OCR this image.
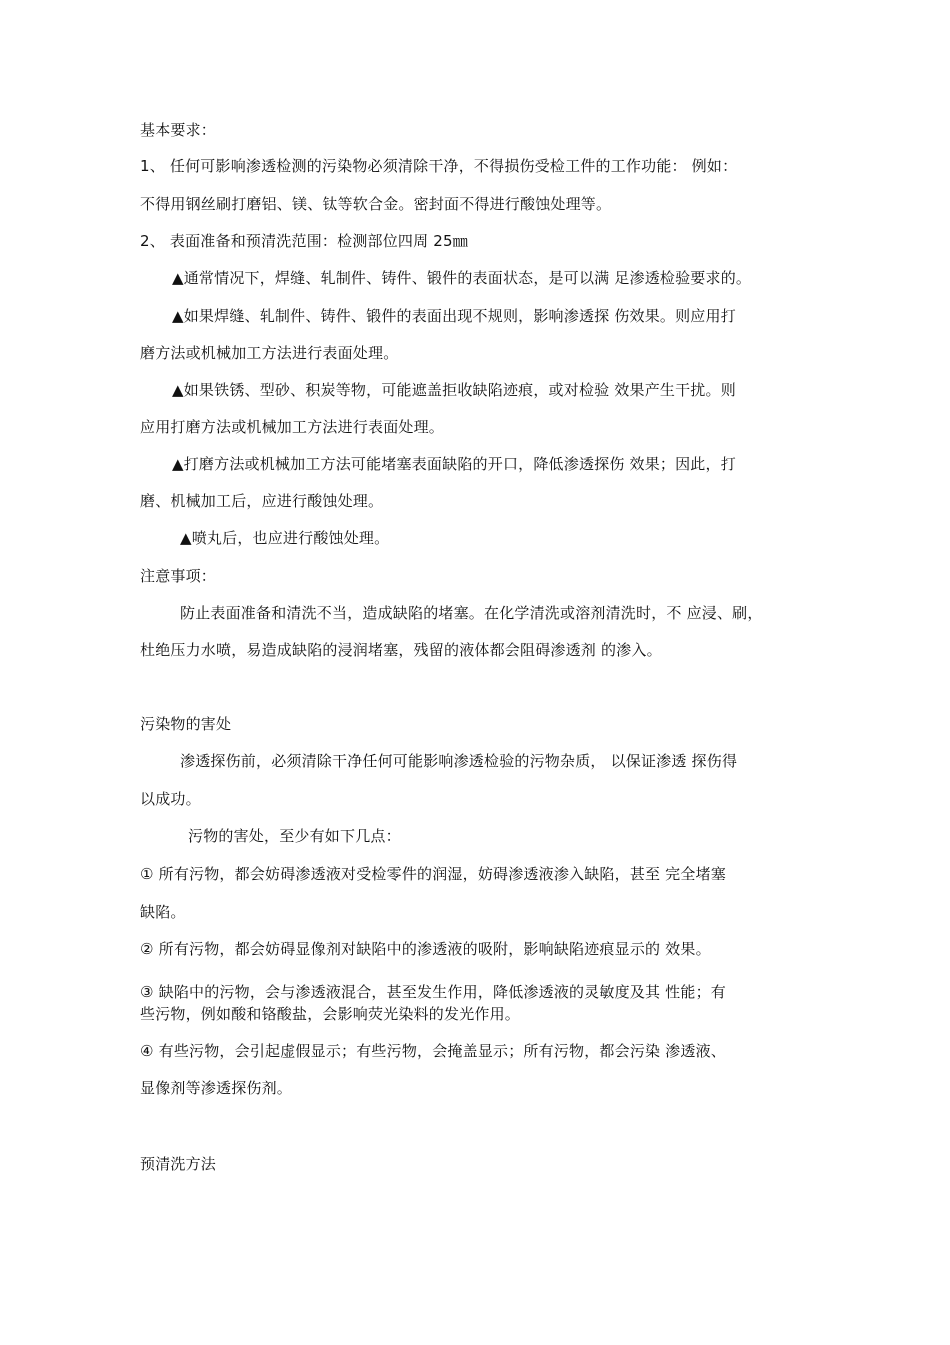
基本要求：
1、 任何可影响渗透检测的污染物必须清除干净，不得损伤受检工件的工作功能： 例如：
不得用钢丝刷打磨铝、镁、钛等软合金。密封面不得进行酸蚀处理等。
2、 表面准备和预清洗范围：检测部位四周 25㎜
▲通常情况下，焊缝、轧制件、铸件、锻件的表面状态，是可以满 足渗透检验要求的。
▲如果焊缝、轧制件、铸件、锻件的表面出现不规则，影响渗透探 伤效果。则应用打
磨方法或机械加工方法进行表面处理。
▲如果铁锈、型砂、积炭等物，可能遮盖拒收缺陷迹痕，或对检验 效果产生干扰。则
应用打磨方法或机械加工方法进行表面处理。
▲打磨方法或机械加工方法可能堵塞表面缺陷的开口，降低渗透探伤 效果；因此，打
磨、机械加工后，应进行酸蚀处理。
▲喷丸后，也应进行酸蚀处理。
注意事项：
防止表面准备和清洗不当，造成缺陷的堵塞。在化学清洗或溶剂清洗时，不 应浸、刷，
杜绝压力水喷，易造成缺陷的浸润堵塞，残留的液体都会阻碍渗透剂 的渗入。
污染物的害处
渗透探伤前，必须清除干净任何可能影响渗透检验的污物杂质， 以保证渗透 探伤得
以成功。
污物的害处，至少有如下几点：
① 所有污物，都会妨碍渗透液对受检零件的润湿，妨碍渗透液渗入缺陷，甚至 完全堵塞
缺陷。
② 所有污物，都会妨碍显像剂对缺陷中的渗透液的吸附，影响缺陷迹痕显示的 效果。
③ 缺陷中的污物，会与渗透液混合，甚至发生作用，降低渗透液的灵敏度及其 性能；有
些污物，例如酸和铬酸盐，会影响荧光染料的发光作用。
④ 有些污物，会引起虚假显示；有些污物，会掩盖显示；所有污物，都会污染 渗透液、
显像剂等渗透探伤剂。
预清洗方法
